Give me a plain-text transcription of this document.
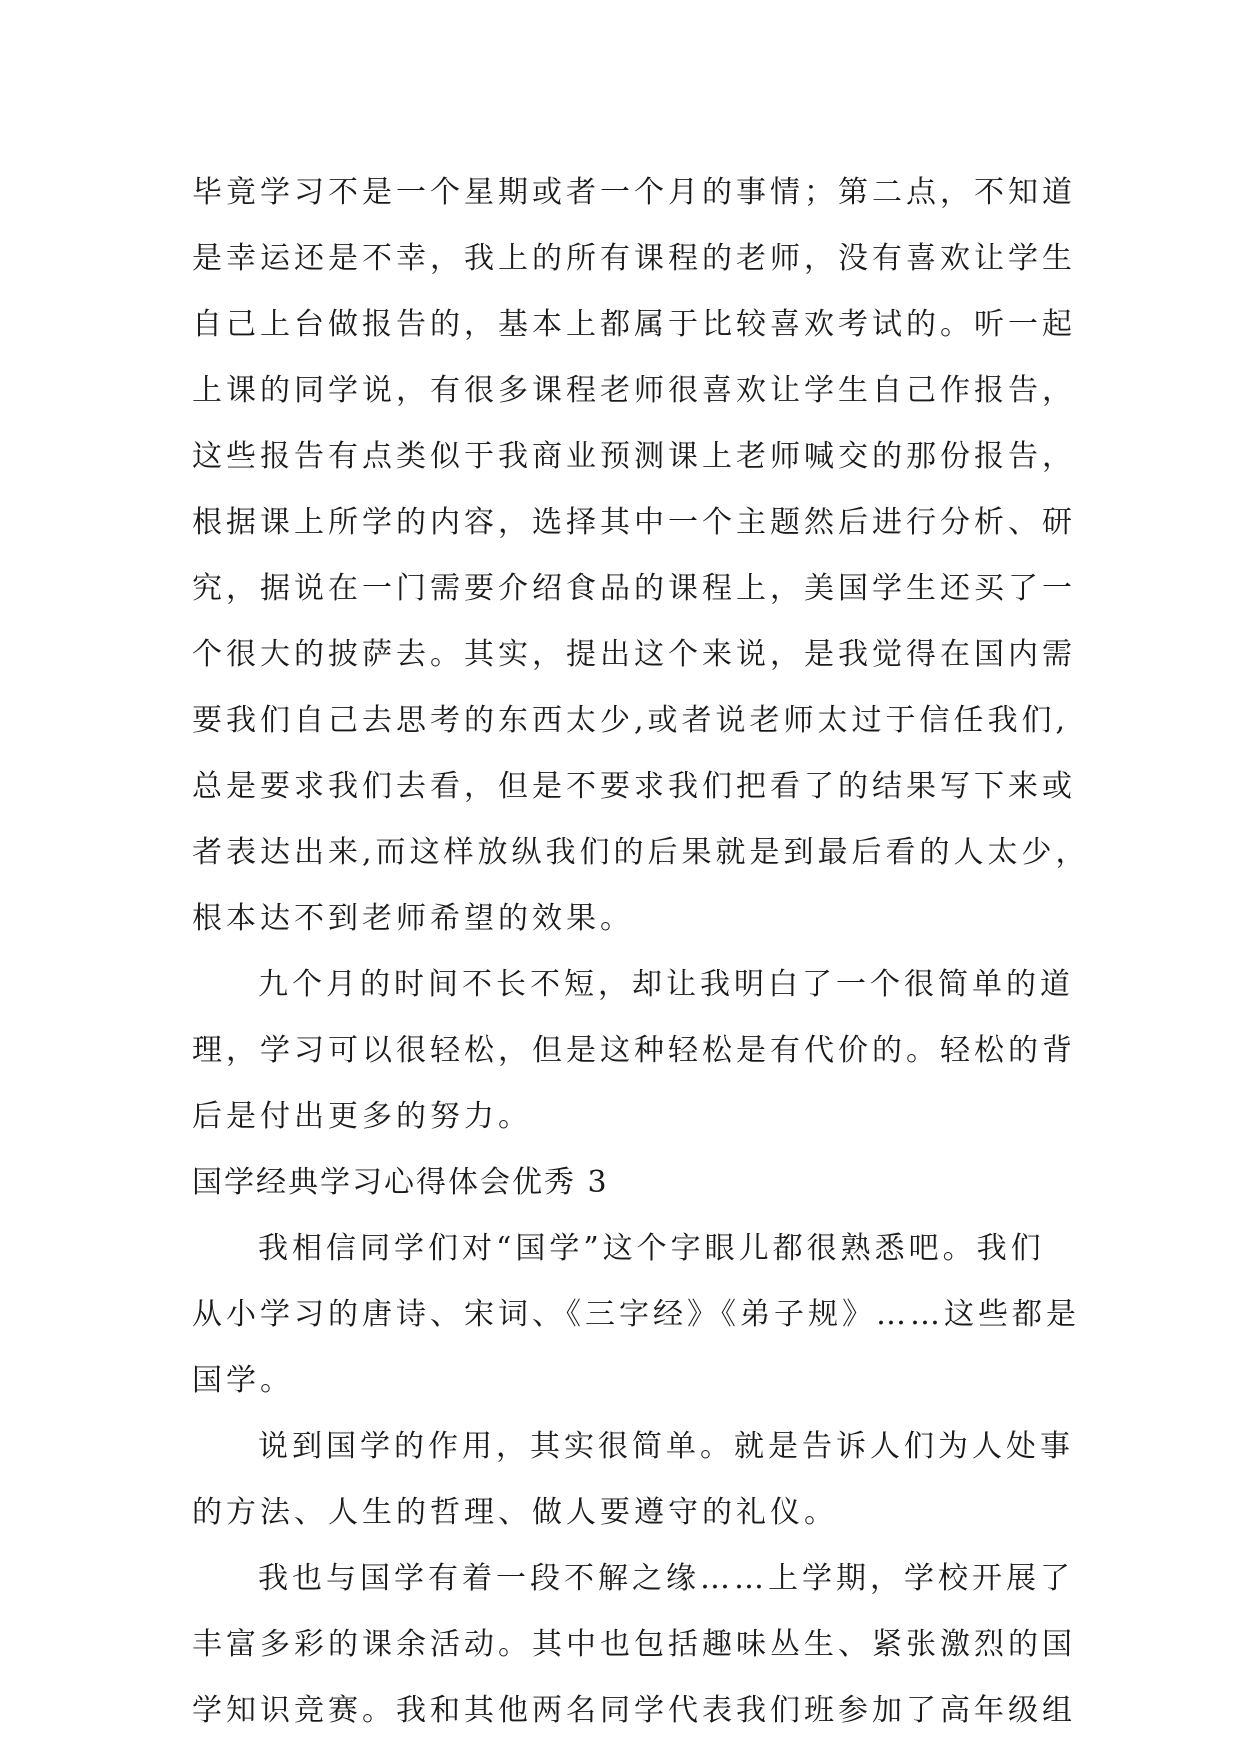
毕竟学习不是一个星期或者一个月的事情；第二点，不知道
是幸运还是不幸，我上的所有课程的老师，没有喜欢让学生
自己上台做报告的，基本上都属于比较喜欢考试的。听一起
上课的同学说，有很多课程老师很喜欢让学生自己作报告，
这些报告有点类似于我商业预测课上老师喊交的那份报告，
根据课上所学的内容，选择其中一个主题然后进行分析、研
究，据说在一门需要介绍食品的课程上，美国学生还买了一
个很大的披萨去。其实，提出这个来说，是我觉得在国内需
要我们自己去思考的东西太少,或者说老师太过于信任我们,
总是要求我们去看，但是不要求我们把看了的结果写下来或
者表达出来,而这样放纵我们的后果就是到最后看的人太少，
根本达不到老师希望的效果。
九个月的时间不长不短，却让我明白了一个很简单的道
理，学习可以很轻松，但是这种轻松是有代价的。轻松的背
后是付出更多的努力。
国学经典学习心得体会优秀 3
我相信同学们对“国学”这个字眼儿都很熟悉吧。我们
从小学习的唐诗、宋词、《三字经》《弟子规》……这些都是
国学。
说到国学的作用，其实很简单。就是告诉人们为人处事
的方法、人生的哲理、做人要遵守的礼仪。
我也与国学有着一段不解之缘……上学期，学校开展了
丰富多彩的课余活动。其中也包括趣味丛生、紧张激烈的国
学知识竞赛。我和其他两名同学代表我们班参加了高年级组
